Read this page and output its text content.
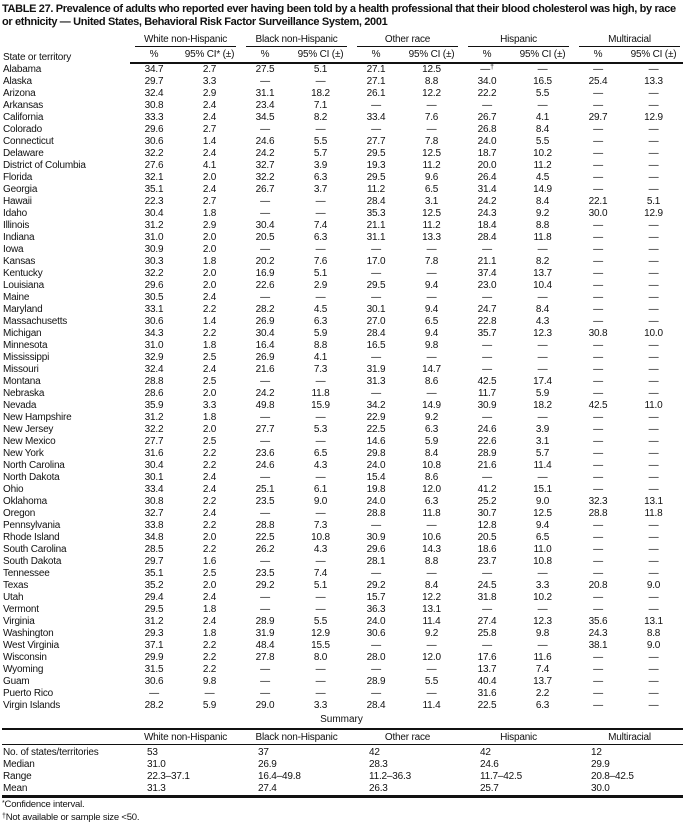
TABLE 27. Prevalence of adults who reported ever having been told by a health professional that their blood cholesterol was high, by race or ethnicity — United States, Behavioral Risk Factor Surveillance System, 2001
State or territory	White non-Hispanic		Black non-Hispanic		Other race		Hispanic		Multiracial	

	%	95% CI* (±)	%	95% CI (±)	%	95% CI (±)	%	95% CI (±)	%	95% CI (±)
Alabama	34.7	2.7	27.5	5.1	27.1	12.5	—†	—	—	—
Alaska	29.7	3.3	—	—	27.1	8.8	34.0	16.5	25.4	13.3
Arizona	32.4	2.9	31.1	18.2	26.1	12.2	22.2	5.5	—	—
Arkansas	30.8	2.4	23.4	7.1	—	—	—	—	—	—
California	33.3	2.4	34.5	8.2	33.4	7.6	26.7	4.1	29.7	12.9
Colorado	29.6	2.7	—	—	—	—	26.8	8.4	—	—
Connecticut	30.6	1.4	24.6	5.5	27.7	7.8	24.0	5.5	—	—
Delaware	32.2	2.4	24.2	5.7	29.5	12.5	18.7	10.2	—	—
District of Columbia	27.6	4.1	32.7	3.9	19.3	11.2	20.0	11.2	—	—
Florida	32.1	2.0	32.2	6.3	29.5	9.6	26.4	4.5	—	—
Georgia	35.1	2.4	26.7	3.7	11.2	6.5	31.4	14.9	—	—
Hawaii	22.3	2.7	—	—	28.4	3.1	24.2	8.4	22.1	5.1
Idaho	30.4	1.8	—	—	35.3	12.5	24.3	9.2	30.0	12.9
Illinois	31.2	2.9	30.4	7.4	21.1	11.2	18.4	8.8	—	—
Indiana	31.0	2.0	20.5	6.3	31.1	13.3	28.4	11.8	—	—
Iowa	30.9	2.0	—	—	—	—	—	—	—	—
Kansas	30.3	1.8	20.2	7.6	17.0	7.8	21.1	8.2	—	—
Kentucky	32.2	2.0	16.9	5.1	—	—	37.4	13.7	—	—
Louisiana	29.6	2.0	22.6	2.9	29.5	9.4	23.0	10.4	—	—
Maine	30.5	2.4	—	—	—	—	—	—	—	—
Maryland	33.1	2.2	28.2	4.5	30.1	9.4	24.7	8.4	—	—
Massachusetts	30.6	1.4	26.9	6.3	27.0	6.5	22.8	4.3	—	—
Michigan	34.3	2.2	30.4	5.9	28.4	9.4	35.7	12.3	30.8	10.0
Minnesota	31.0	1.8	16.4	8.8	16.5	9.8	—	—	—	—
Mississippi	32.9	2.5	26.9	4.1	—	—	—	—	—	—
Missouri	32.4	2.4	21.6	7.3	31.9	14.7	—	—	—	—
Montana	28.8	2.5	—	—	31.3	8.6	42.5	17.4	—	—
Nebraska	28.6	2.0	24.2	11.8	—	—	11.7	5.9	—	—
Nevada	35.9	3.3	49.8	15.9	34.2	14.9	30.9	18.2	42.5	11.0
New Hampshire	31.2	1.8	—	—	22.9	9.2	—	—	—	—
New Jersey	32.2	2.0	27.7	5.3	22.5	6.3	24.6	3.9	—	—
New Mexico	27.7	2.5	—	—	14.6	5.9	22.6	3.1	—	—
New York	31.6	2.2	23.6	6.5	29.8	8.4	28.9	5.7	—	—
North Carolina	30.4	2.2	24.6	4.3	24.0	10.8	21.6	11.4	—	—
North Dakota	30.1	2.4	—	—	15.4	8.6	—	—	—	—
Ohio	33.4	2.4	25.1	6.1	19.8	12.0	41.2	15.1	—	—
Oklahoma	30.8	2.2	23.5	9.0	24.0	6.3	25.2	9.0	32.3	13.1
Oregon	32.7	2.4	—	—	28.8	11.8	30.7	12.5	28.8	11.8
Pennsylvania	33.8	2.2	28.8	7.3	—	—	12.8	9.4	—	—
Rhode Island	34.8	2.0	22.5	10.8	30.9	10.6	20.5	6.5	—	—
South Carolina	28.5	2.2	26.2	4.3	29.6	14.3	18.6	11.0	—	—
South Dakota	29.7	1.6	—	—	28.1	8.8	23.7	10.8	—	—
Tennessee	35.1	2.5	23.5	7.4	—	—	—	—	—	—
Texas	35.2	2.0	29.2	5.1	29.2	8.4	24.5	3.3	20.8	9.0
Utah	29.4	2.4	—	—	15.7	12.2	31.8	10.2	—	—
Vermont	29.5	1.8	—	—	36.3	13.1	—	—	—	—
Virginia	31.2	2.4	28.9	5.5	24.0	11.4	27.4	12.3	35.6	13.1
Washington	29.3	1.8	31.9	12.9	30.6	9.2	25.8	9.8	24.3	8.8
West Virginia	37.1	2.2	48.4	15.5	—	—	—	—	38.1	9.0
Wisconsin	29.9	2.2	27.8	8.0	28.0	12.0	17.6	11.6	—	—
Wyoming	31.5	2.2	—	—	—	—	13.7	7.4	—	—
Guam	30.6	9.8	—	—	28.9	5.5	40.4	13.7	—	—
Puerto Rico	—	—	—	—	—	—	31.6	2.2	—	—
Virgin Islands	28.2	5.9	29.0	3.3	28.4	11.4	22.5	6.3	—	—
Summary
	White non-Hispanic	Black non-Hispanic	Other race	Hispanic	Multiracial
No. of states/territories	53	37	42	42	12
Median	31.0	26.9	28.3	24.6	29.9
Range	22.3–37.1	16.4–49.8	11.2–36.3	11.7–42.5	20.8–42.5
Mean	31.3	27.4	26.3	25.7	30.0
*Confidence interval.
†Not available or sample size <50.
